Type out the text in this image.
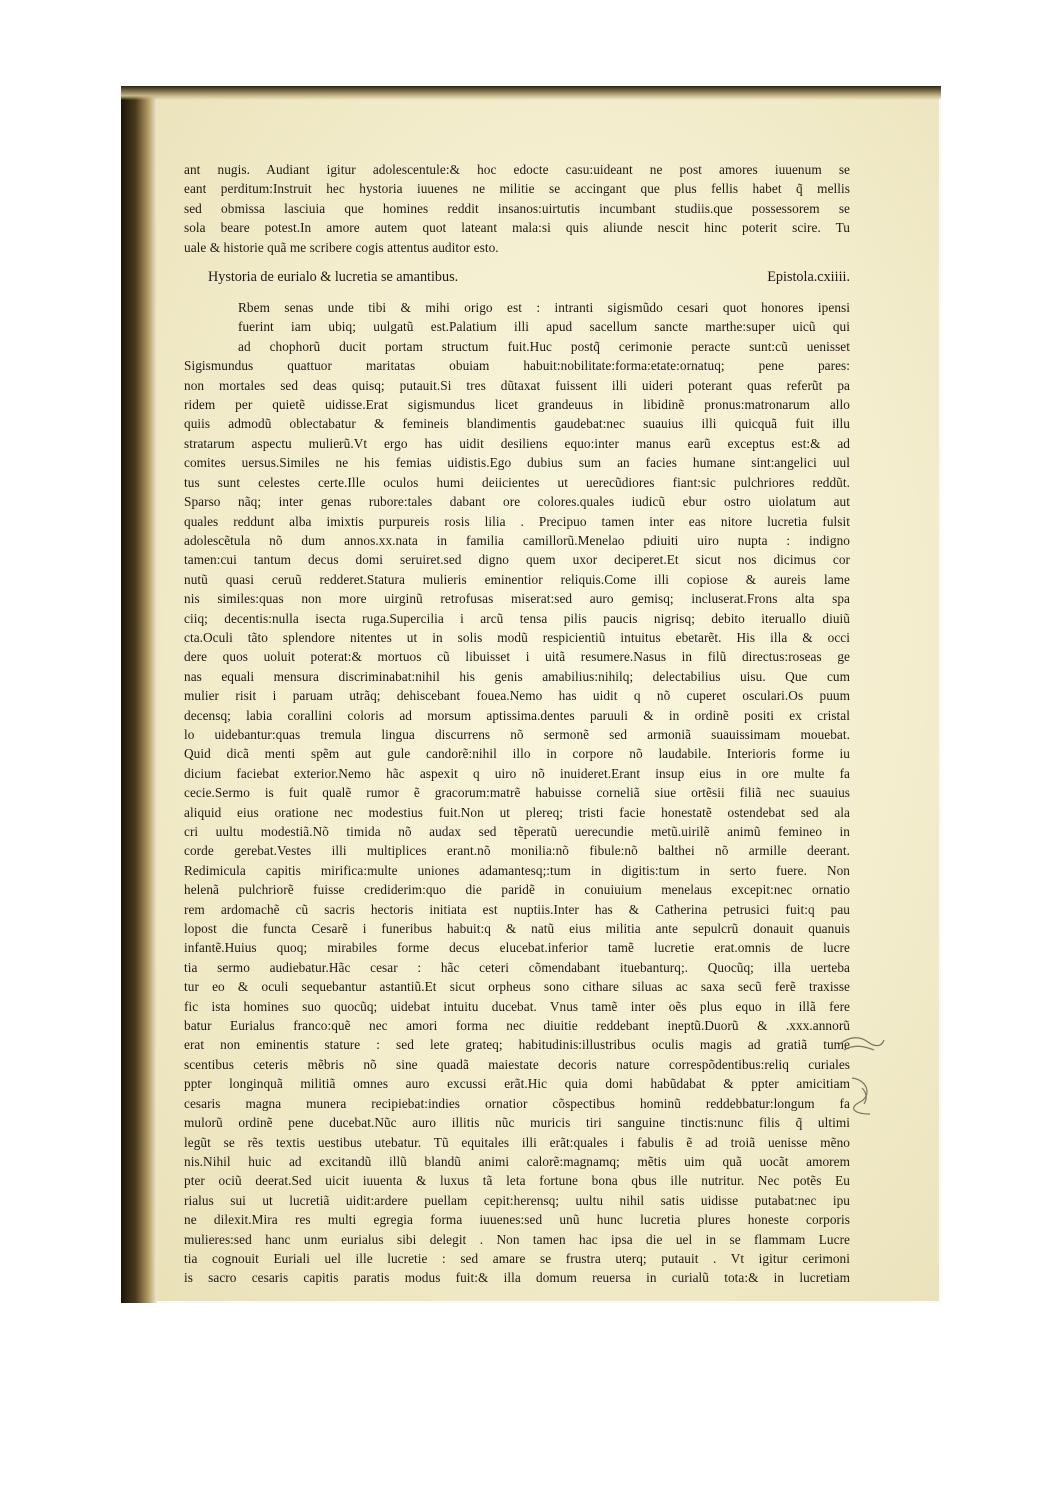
ant nugis. Audiant igitur adolescentule:& hoc edocte casu:uideant ne post amores iuuenum se

eant perditum:Instruit hec hystoria iuuenes ne militie se accingant que plus fellis habet q̃ mellis

sed obmissa lasciuia que homines reddit insanos:uirtutis incumbant studiis.que possessorem se

sola beare potest.In amore autem quot lateant mala:si quis aliunde nescit hinc poterit scire. Tu

uale & historie quã me scribere cogis attentus auditor esto.

Hystoria de eurialo & lucretia se amantibus.	Epistola.cxiiii.

Rbem senas unde tibi & mihi origo est : intranti sigismũdo cesari quot honores ipensi

fuerint iam ubiq; uulgatũ est.Palatium illi apud sacellum sancte marthe:super uicũ qui

ad chophorũ ducit portam structum fuit.Huc postq̃ cerimonie peracte sunt:cũ uenisset

Sigismundus quattuor maritatas obuiam habuit:nobilitate:forma:etate:ornatuq; pene pares:

non mortales sed deas quisq; putauit.Si tres dũtaxat fuissent illi uideri poterant quas referũt pa

ridem per quietẽ uidisse.Erat sigismundus licet grandeuus in libidinẽ pronus:matronarum allo

quiis admodũ oblectabatur & femineis blandimentis gaudebat:nec suauius illi quicquã fuit illu

stratarum aspectu mulierũ.Vt ergo has uidit desiliens equo:inter manus earũ exceptus est:& ad

comites uersus.Similes ne his femias uidistis.Ego dubius sum an facies humane sint:angelici uul

tus sunt celestes certe.Ille oculos humi deiicientes ut uerecũdiores fiant:sic pulchriores reddũt.

Sparso nãq; inter genas rubore:tales dabant ore colores.quales iudicũ ebur ostro uiolatum aut

quales reddunt alba imixtis purpureis rosis lilia . Precipuo tamen inter eas nitore lucretia fulsit

adolescẽtula nõ dum annos.xx.nata in familia camillorũ.Menelao pdiuiti uiro nupta : indigno

tamen:cui tantum decus domi seruiret.sed digno quem uxor deciperet.Et sicut nos dicimus cor

nutũ quasi ceruũ redderet.Statura mulieris eminentior reliquis.Come illi copiose & aureis lame

nis similes:quas non more uirginũ retrofusas miserat:sed auro gemisq; incluserat.Frons alta spa

ciiq; decentis:nulla isecta ruga.Supercilia i arcũ tensa pilis paucis nigrisq; debito iteruallo diuiũ

cta.Oculi tãto splendore nitentes ut in solis modũ respicientiũ intuitus ebetarẽt. His illa & occi

dere quos uoluit poterat:& mortuos cũ libuisset i uitã resumere.Nasus in filũ directus:roseas ge

nas equali mensura discriminabat:nihil his genis amabilius:nihilq; delectabilius uisu. Que cum

mulier risit i paruam utrãq; dehiscebant fouea.Nemo has uidit q nõ cuperet osculari.Os puum

decensq; labia corallini coloris ad morsum aptissima.dentes paruuli & in ordinẽ positi ex cristal

lo uidebantur:quas tremula lingua discurrens nõ sermonẽ sed armoniã suauissimam mouebat.

Quid dicã menti spẽm aut gule candorẽ:nihil illo in corpore nõ laudabile. Interioris forme iu

dicium faciebat exterior.Nemo hãc aspexit q uiro nõ inuideret.Erant insup eius in ore multe fa

cecie.Sermo is fuit qualẽ rumor ẽ gracorum:matrẽ habuisse corneliã siue ortẽsii filiã nec suauius

aliquid eius oratione nec modestius fuit.Non ut plereq; tristi facie honestatẽ ostendebat sed ala

cri uultu modestiã.Nõ timida nõ audax sed tẽperatũ uerecundie metũ.uirilẽ animũ femineo in

corde gerebat.Vestes illi multiplices erant.nõ monilia:nõ fibule:nõ balthei nõ armille deerant.

Redimicula capitis mirifica:multe uniones adamantesq;:tum in digitis:tum in serto fuere. Non

helenã pulchriorẽ fuisse crediderim:quo die paridẽ in conuiuium menelaus excepit:nec ornatio

rem ardomachẽ cũ sacris hectoris initiata est nuptiis.Inter has & Catherina petrusici fuit:q pau

lopost die functa Cesarẽ i funeribus habuit:q & natũ eius militia ante sepulcrũ donauit quanuis

infantẽ.Huius quoq; mirabiles forme decus elucebat.inferior tamẽ lucretie erat.omnis de lucre

tia sermo audiebatur.Hãc cesar : hãc ceteri cõmendabant ituebanturq;. Quocũq; illa uerteba

tur eo & oculi sequebantur astantiũ.Et sicut orpheus sono cithare siluas ac saxa secũ ferẽ traxisse

fic ista homines suo quocũq; uidebat intuitu ducebat. Vnus tamẽ inter oẽs plus equo in illã fere

batur Eurialus franco:quẽ nec amori forma nec diuitie reddebant ineptũ.Duorũ & .xxx.annorũ

erat non eminentis stature : sed lete grateq; habitudinis:illustribus oculis magis ad gratiã tume

scentibus ceteris mẽbris nõ sine quadã maiestate decoris nature correspõdentibus:reliq curiales

ppter longinquã militiã omnes auro excussi erãt.Hic quia domi habũdabat & ppter amicitiam

cesaris magna munera recipiebat:indies ornatior cõspectibus hominũ reddebbatur:longum fa

mulorũ ordinẽ pene ducebat.Nũc auro illitis nũc muricis tiri sanguine tinctis:nunc filis q̃ ultimi

legũt se rẽs textis uestibus utebatur. Tũ equitales illi erãt:quales i fabulis ẽ ad troiã uenisse mẽno

nis.Nihil huic ad excitandũ illũ blandũ animi calorẽ:magnamq; mẽtis uim quã uocãt amorem

pter ociũ deerat.Sed uicit iuuenta & luxus tã leta fortune bona qbus ille nutritur. Nec potẽs Eu

rialus sui ut lucretiã uidit:ardere puellam cepit:herensq; uultu nihil satis uidisse putabat:nec ipu

ne dilexit.Mira res multi egregia forma iuuenes:sed unũ hunc lucretia plures honeste corporis

mulieres:sed hanc unm eurialus sibi delegit . Non tamen hac ipsa die uel in se flammam Lucre

tia cognouit Euriali uel ille lucretie : sed amare se frustra uterq; putauit . Vt igitur cerimoni

is sacro cesaris capitis paratis modus fuit:& illa domum reuersa in curialũ tota:& in lucretiam
